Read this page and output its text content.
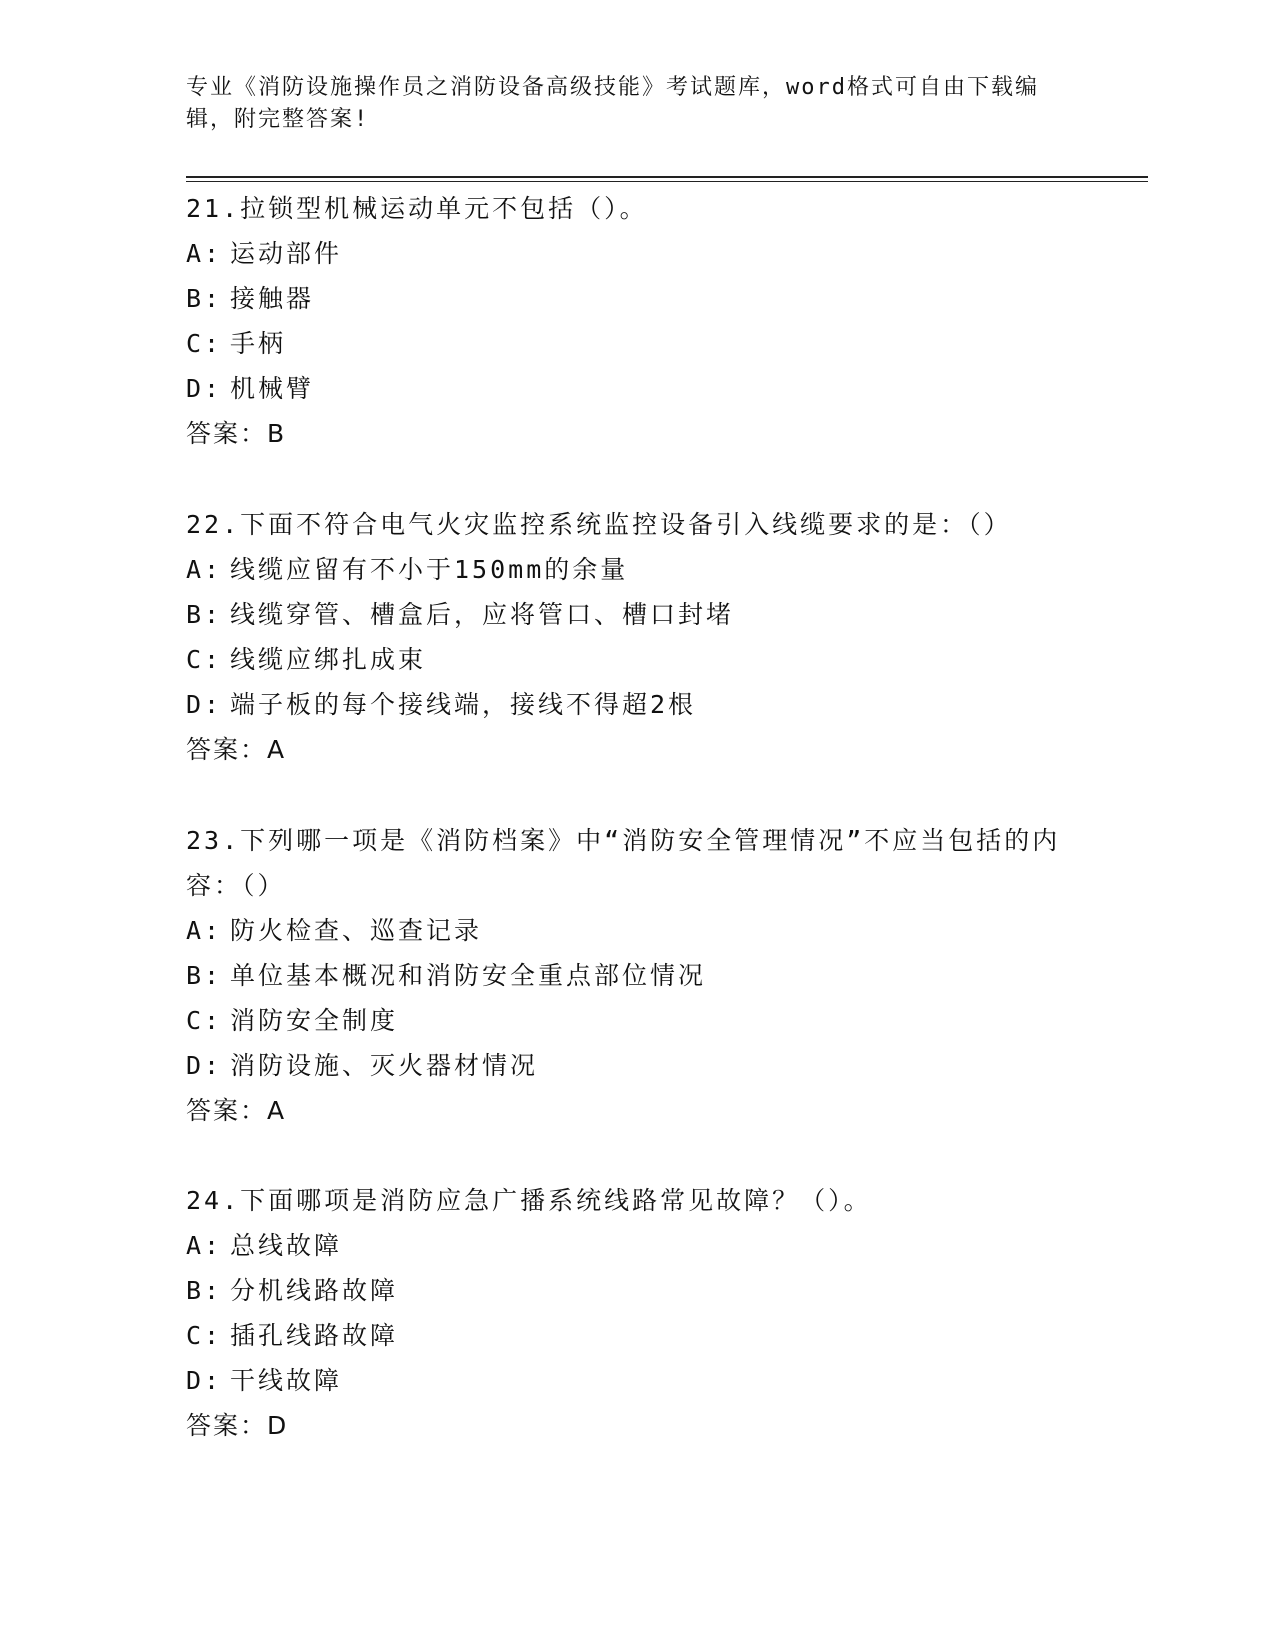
专业《消防设施操作员之消防设备高级技能》考试题库，word格式可自由下载编辑，附完整答案!

21.拉锁型机械运动单元不包括（）。
A: 运动部件
B: 接触器
C: 手柄
D: 机械臂
答案：B
22.下面不符合电气火灾监控系统监控设备引入线缆要求的是：（）
A: 线缆应留有不小于150mm的余量
B: 线缆穿管、槽盒后，应将管口、槽口封堵
C: 线缆应绑扎成束
D: 端子板的每个接线端，接线不得超2根
答案：A
23.下列哪一项是《消防档案》中“消防安全管理情况”不应当包括的内容：（）
A: 防火检查、巡查记录
B: 单位基本概况和消防安全重点部位情况
C: 消防安全制度
D: 消防设施、灭火器材情况
答案：A
24.下面哪项是消防应急广播系统线路常见故障？（）。
A: 总线故障
B: 分机线路故障
C: 插孔线路故障
D: 干线故障
答案：D
